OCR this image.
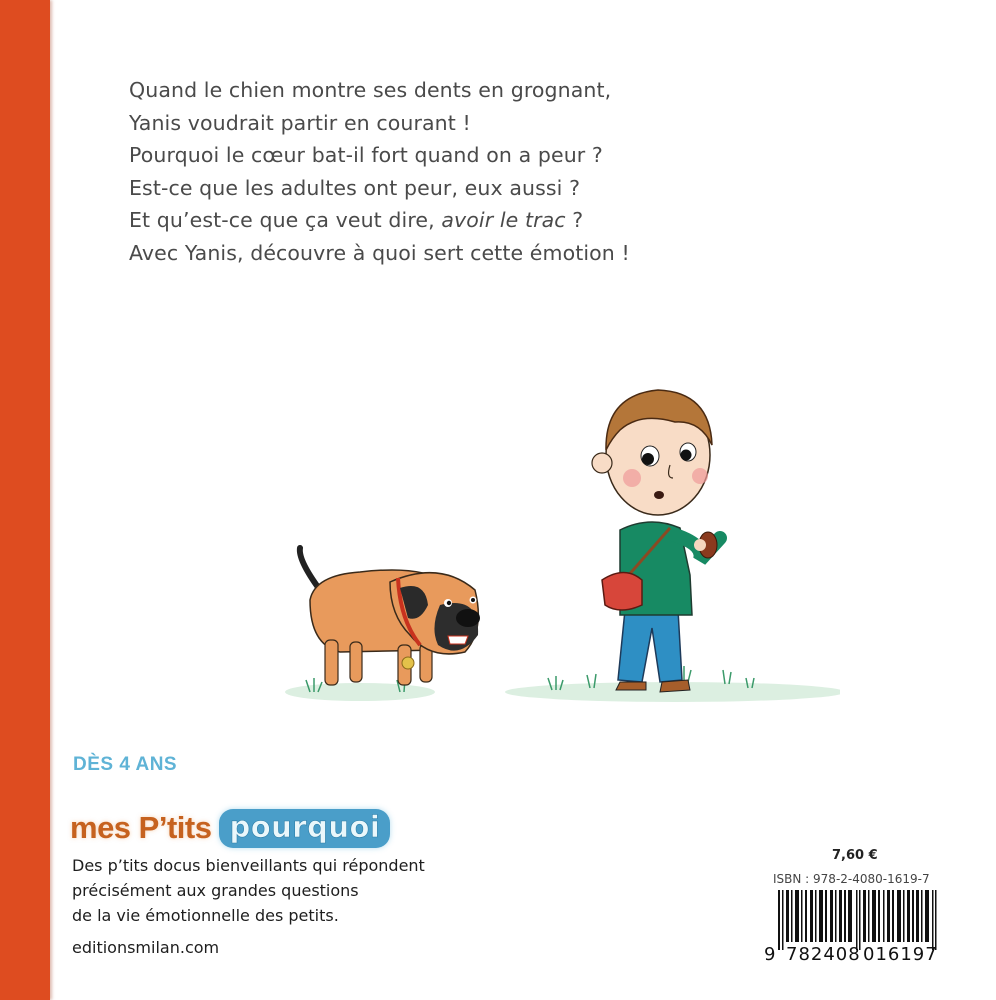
Quand le chien montre ses dents en grognant,
Yanis voudrait partir en courant !
Pourquoi le cœur bat-il fort quand on a peur ?
Est-ce que les adultes ont peur, eux aussi ?
Et qu’est-ce que ça veut dire, avoir le trac ?
Avec Yanis, découvre à quoi sert cette émotion !
DÈS 4 ANS
mes P’tits pourquoi
Des p’tits docus bienveillants qui répondent
précisément aux grandes questions
de la vie émotionnelle des petits.
editionsmilan.com
7,60 €
ISBN : 978-2-4080-1619-7
9 782408 016197
